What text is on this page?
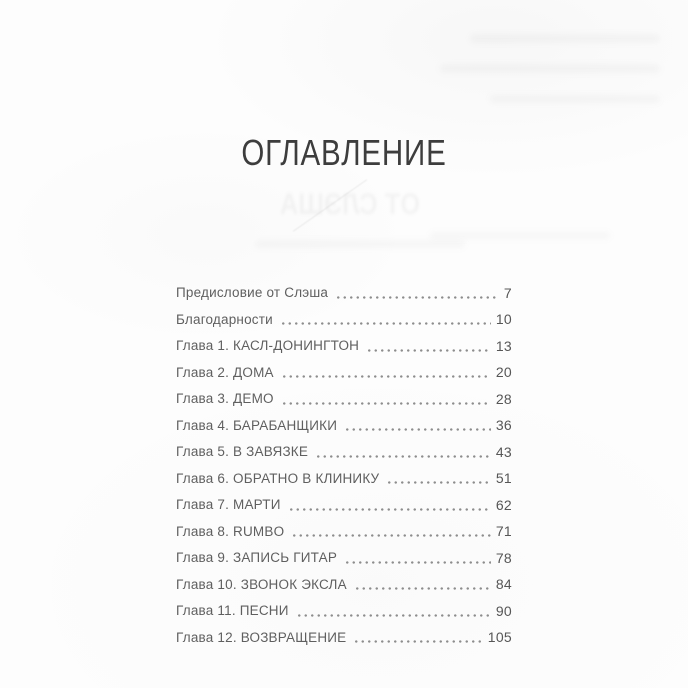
ОТ СЛЭША
ОГЛАВЛЕНИЕ
Предисловие от Слэша	7
Благодарности	10
Глава 1. КАСЛ-ДОНИНГТОН	13
Глава 2. ДОМА	20
Глава 3. ДЕМО	28
Глава 4. БАРАБАНЩИКИ	36
Глава 5. В ЗАВЯЗКЕ	43
Глава 6. ОБРАТНО В КЛИНИКУ	51
Глава 7. МАРТИ	62
Глава 8. RUMBO	71
Глава 9. ЗАПИСЬ ГИТАР	78
Глава 10. ЗВОНОК ЭКСЛА	84
Глава 11. ПЕСНИ	90
Глава 12. ВОЗВРАЩЕНИЕ	105
